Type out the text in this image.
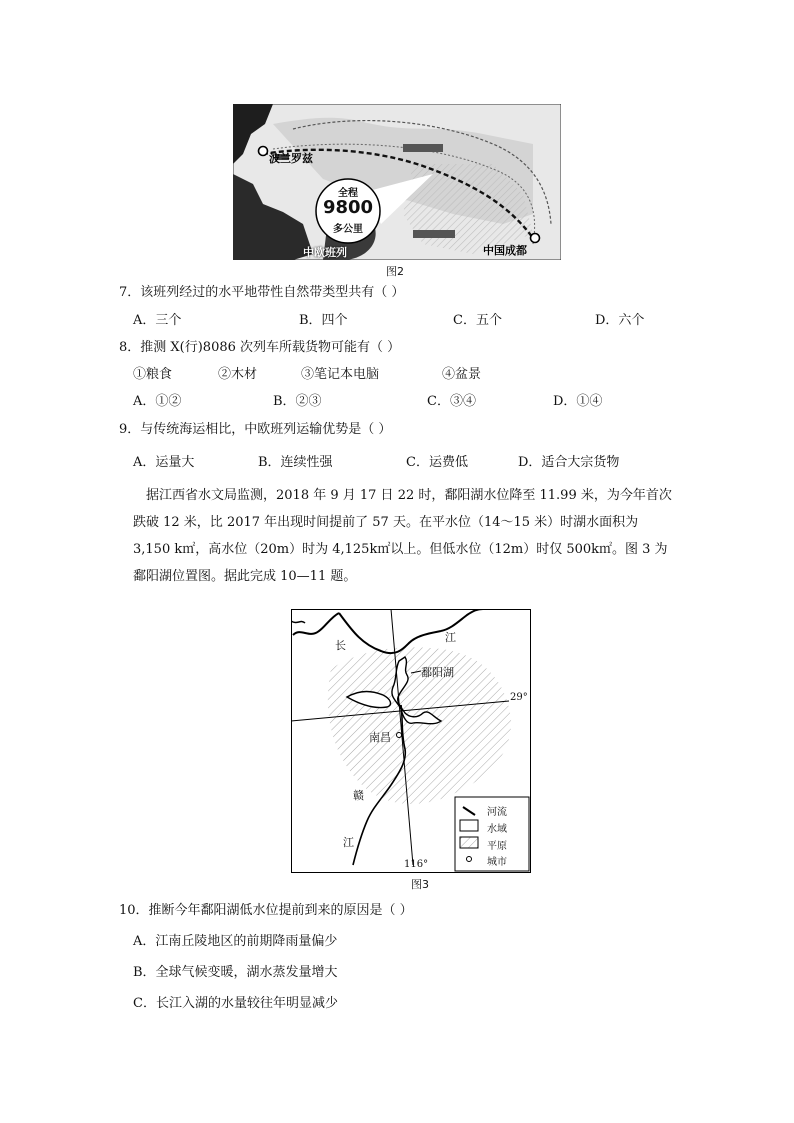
波兰罗兹
中国成都
全程
9800
多公里
中欧班列
图2
7．该班列经过的水平地带性自然带类型共有（ ）
A．三个	B．四个	C．五个	D．六个
8．推测 X(行)8086 次列车所载货物可能有（ ）
①粮食	②木材	③笔记本电脑	④盆景
A．①②	B．②③	C．③④	D．①④
9．与传统海运相比，中欧班列运输优势是（ ）
A．运量大	B．连续性强	C．运费低	D．适合大宗货物
据江西省水文局监测，2018 年 9 月 17 日 22 时，鄱阳湖水位降至 11.99 米，为今年首次跌破 12 米，比 2017 年出现时间提前了 57 天。在平水位（14～15 米）时湖水面积为 3,150 k㎡，高水位（20m）时为 4,125k㎡以上。但低水位（12m）时仅 500k㎡。图 3 为鄱阳湖位置图。据此完成 10—11 题。
长
江
鄱阳湖
29°
南昌
赣
江
116°
河流
水域
平原
城市
图3
10．推断今年鄱阳湖低水位提前到来的原因是（ ）
A．江南丘陵地区的前期降雨量偏少
B．全球气候变暖，湖水蒸发量增大
C．长江入湖的水量较往年明显减少
